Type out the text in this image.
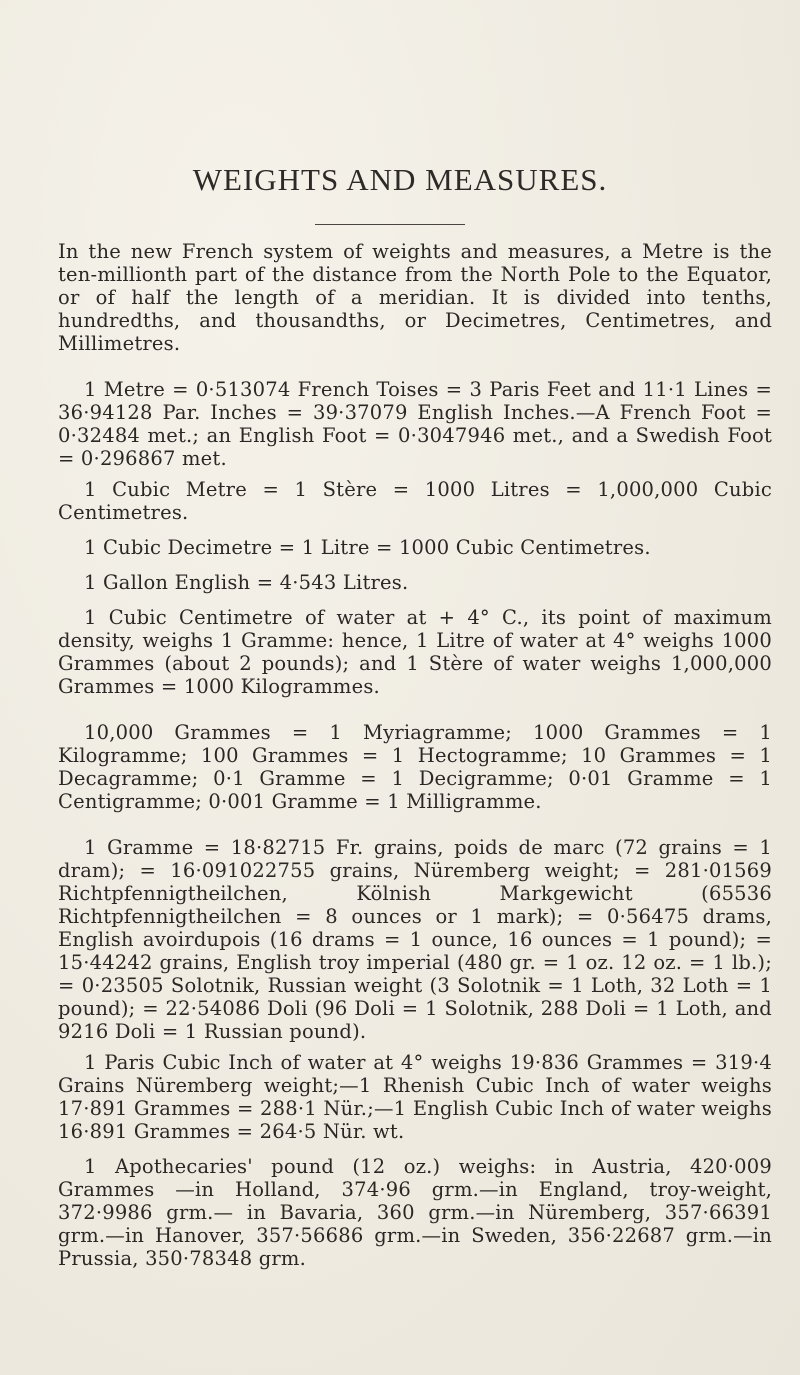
WEIGHTS AND MEASURES.

In the new French system of weights and measures, a Metre is the ten-millionth part of the distance from the North Pole to the Equator, or of half the length of a meridian. It is divided into tenths, hundredths, and thousandths, or Decimetres, Centimetres, and Millimetres.

1 Metre = 0·513074 French Toises = 3 Paris Feet and 11·1 Lines = 36·94128 Par. Inches = 39·37079 English Inches.—A French Foot = 0·32484 met.; an English Foot = 0·3047946 met., and a Swedish Foot = 0·296867 met.

1 Cubic Metre = 1 Stère = 1000 Litres = 1,000,000 Cubic Centimetres.

1 Cubic Decimetre = 1 Litre = 1000 Cubic Centimetres.

1 Gallon English = 4·543 Litres.

1 Cubic Centimetre of water at + 4° C., its point of maximum density, weighs 1 Gramme: hence, 1 Litre of water at 4° weighs 1000 Grammes (about 2 pounds); and 1 Stère of water weighs 1,000,000 Grammes = 1000 Kilogrammes.

10,000 Grammes = 1 Myriagramme; 1000 Grammes = 1 Kilogramme; 100 Grammes = 1 Hectogramme; 10 Grammes = 1 Decagramme; 0·1 Gramme = 1 Decigramme; 0·01 Gramme = 1 Centigramme; 0·001 Gramme = 1 Milligramme.

1 Gramme = 18·82715 Fr. grains, poids de marc (72 grains = 1 dram); = 16·091022755 grains, Nüremberg weight; = 281·01569 Richtpfennigtheilchen, Kölnish Markgewicht (65536 Richtpfennigtheilchen = 8 ounces or 1 mark); = 0·56475 drams, English avoirdupois (16 drams = 1 ounce, 16 ounces = 1 pound); = 15·44242 grains, English troy imperial (480 gr. = 1 oz. 12 oz. = 1 lb.); = 0·23505 Solotnik, Russian weight (3 Solotnik = 1 Loth, 32 Loth = 1 pound); = 22·54086 Doli (96 Doli = 1 Solotnik, 288 Doli = 1 Loth, and 9216 Doli = 1 Russian pound).

1 Paris Cubic Inch of water at 4° weighs 19·836 Grammes = 319·4 Grains Nüremberg weight;—1 Rhenish Cubic Inch of water weighs 17·891 Grammes = 288·1 Nür.;—1 English Cubic Inch of water weighs 16·891 Grammes = 264·5 Nür. wt.

1 Apothecaries' pound (12 oz.) weighs: in Austria, 420·009 Grammes —in Holland, 374·96 grm.—in England, troy-weight, 372·9986 grm.— in Bavaria, 360 grm.—in Nüremberg, 357·66391 grm.—in Hanover, 357·56686 grm.—in Sweden, 356·22687 grm.—in Prussia, 350·78348 grm.
